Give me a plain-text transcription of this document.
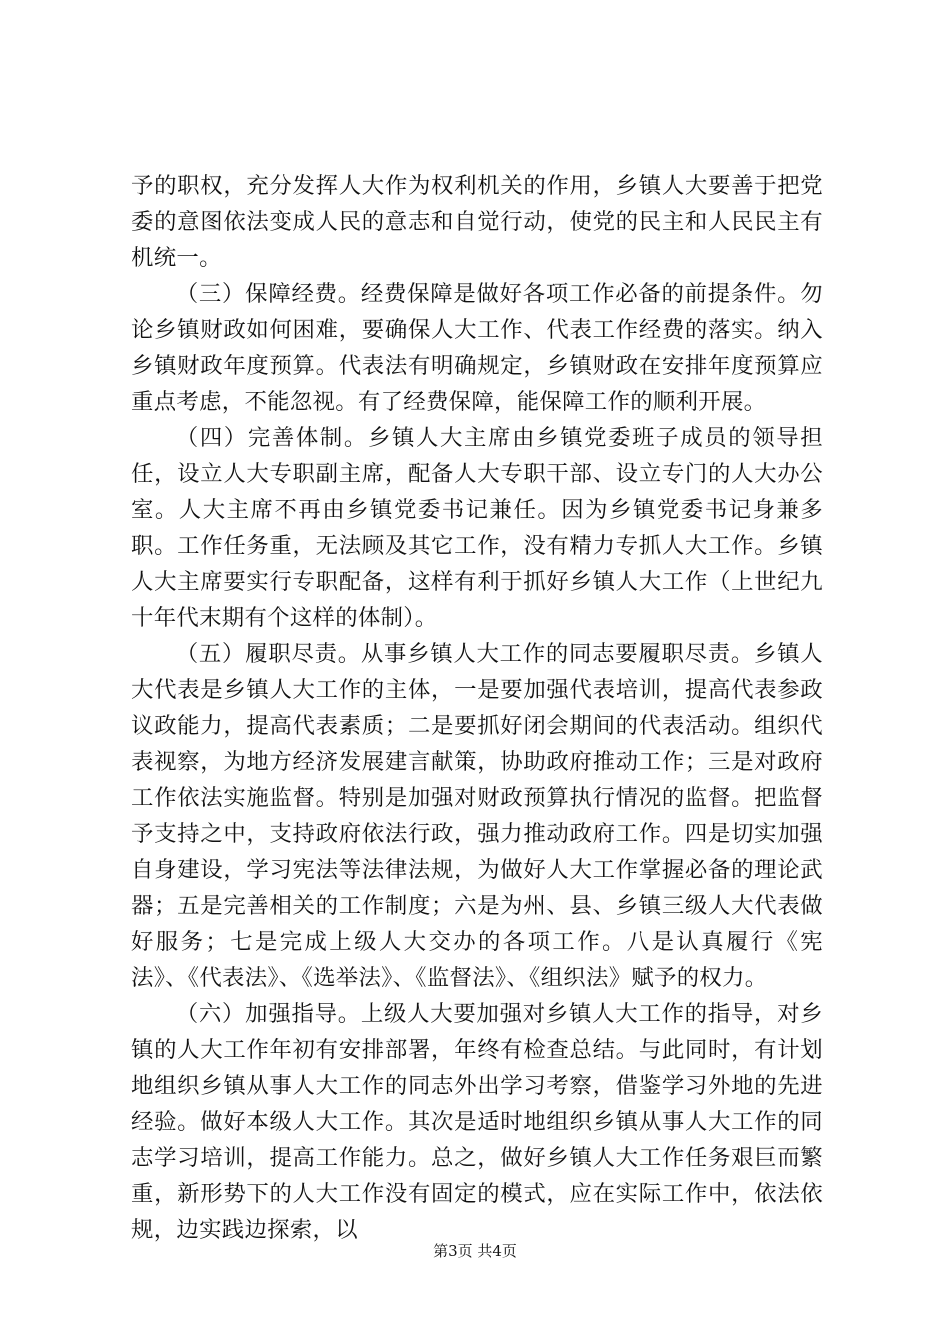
予的职权，充分发挥人大作为权利机关的作用，乡镇人大要善于把党委的意图依法变成人民的意志和自觉行动，使党的民主和人民民主有机统一。

（三）保障经费。经费保障是做好各项工作必备的前提条件。勿论乡镇财政如何困难，要确保人大工作、代表工作经费的落实。纳入乡镇财政年度预算。代表法有明确规定，乡镇财政在安排年度预算应重点考虑，不能忽视。有了经费保障，能保障工作的顺利开展。

（四）完善体制。乡镇人大主席由乡镇党委班子成员的领导担任，设立人大专职副主席，配备人大专职干部、设立专门的人大办公室。人大主席不再由乡镇党委书记兼任。因为乡镇党委书记身兼多职。工作任务重，无法顾及其它工作，没有精力专抓人大工作。乡镇人大主席要实行专职配备，这样有利于抓好乡镇人大工作（上世纪九十年代末期有个这样的体制）。

（五）履职尽责。从事乡镇人大工作的同志要履职尽责。乡镇人大代表是乡镇人大工作的主体，一是要加强代表培训，提高代表参政议政能力，提高代表素质；二是要抓好闭会期间的代表活动。组织代表视察，为地方经济发展建言献策，协助政府推动工作；三是对政府工作依法实施监督。特别是加强对财政预算执行情况的监督。把监督予支持之中，支持政府依法行政，强力推动政府工作。四是切实加强自身建设，学习宪法等法律法规，为做好人大工作掌握必备的理论武器；五是完善相关的工作制度；六是为州、县、乡镇三级人大代表做好服务；七是完成上级人大交办的各项工作。八是认真履行《宪法》、《代表法》、《选举法》、《监督法》、《组织法》赋予的权力。

（六）加强指导。上级人大要加强对乡镇人大工作的指导，对乡镇的人大工作年初有安排部署，年终有检查总结。与此同时，有计划地组织乡镇从事人大工作的同志外出学习考察，借鉴学习外地的先进经验。做好本级人大工作。其次是适时地组织乡镇从事人大工作的同志学习培训，提高工作能力。总之，做好乡镇人大工作任务艰巨而繁重，新形势下的人大工作没有固定的模式，应在实际工作中，依法依规，边实践边探索，以

第3页 共4页
